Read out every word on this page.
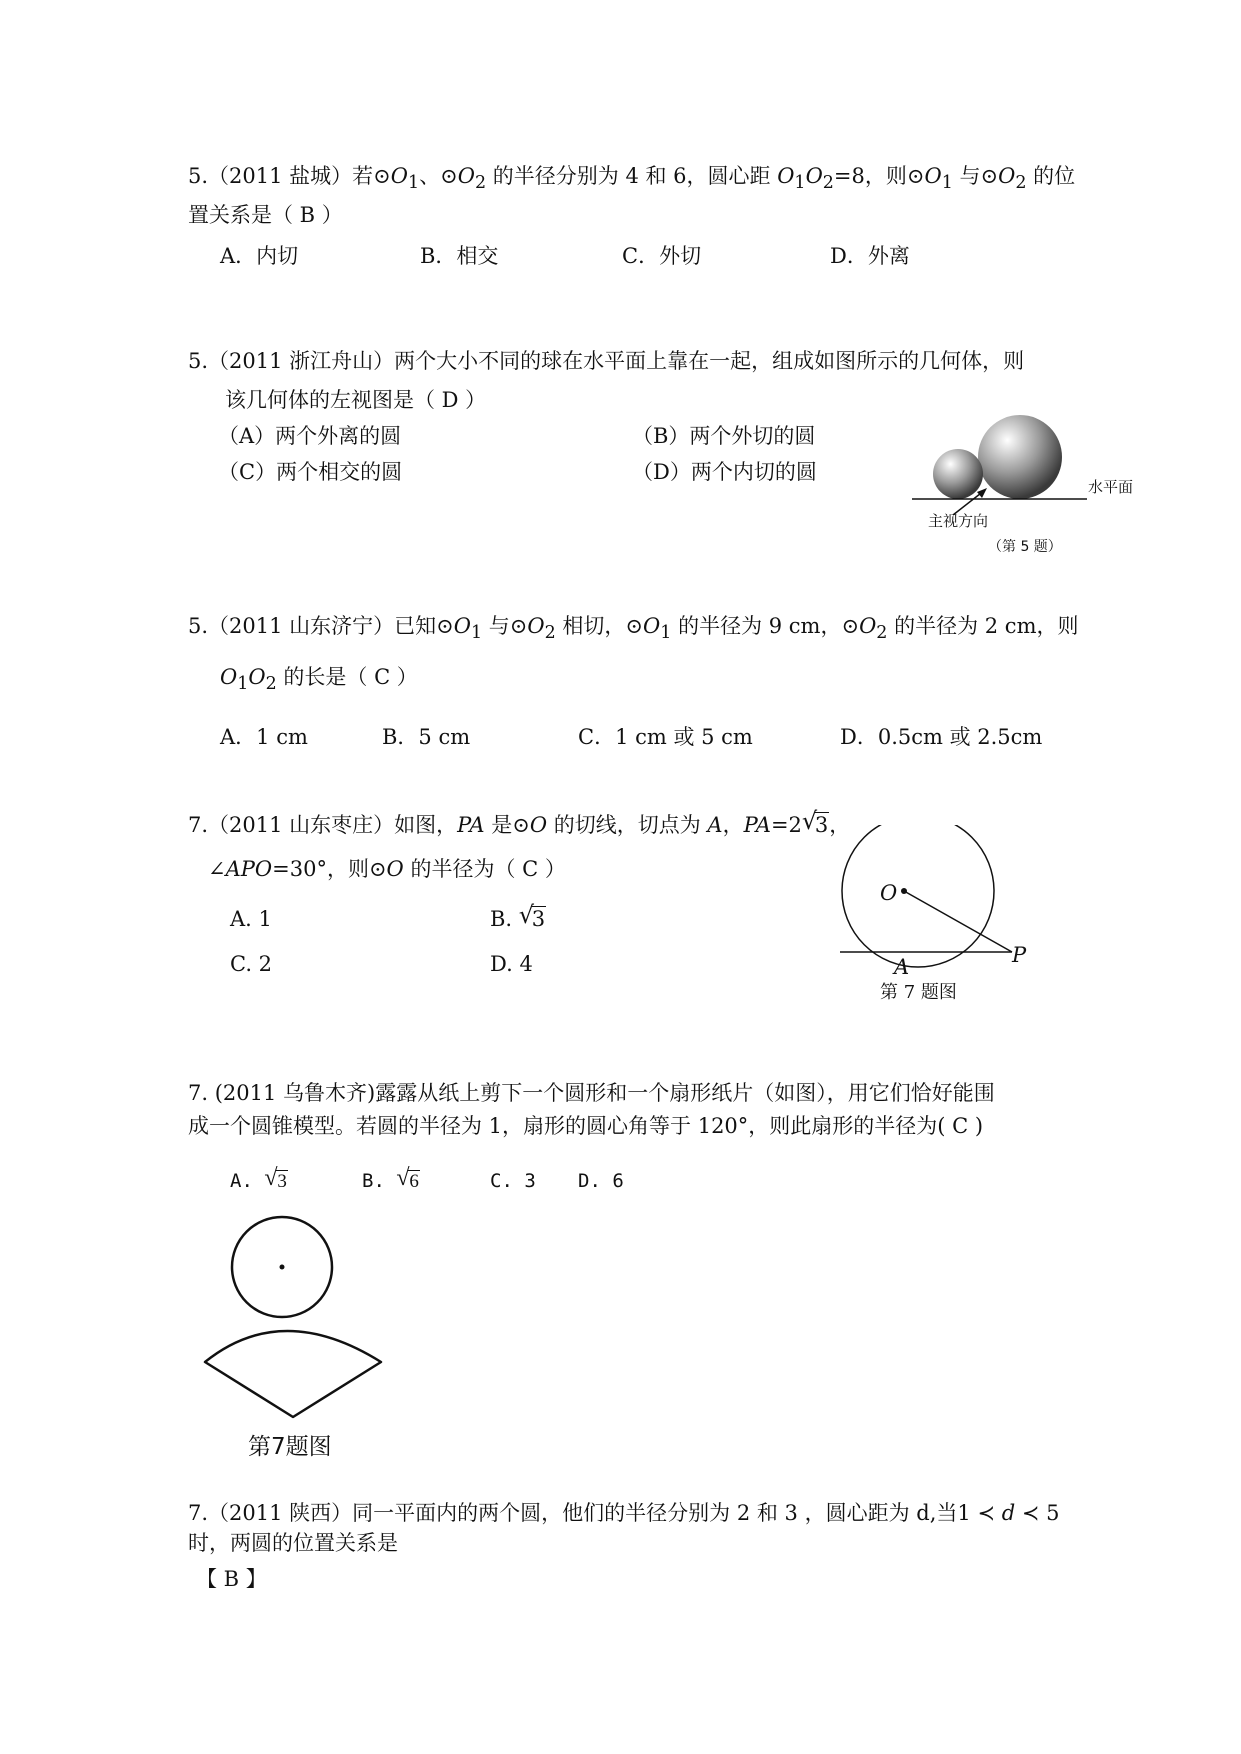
5.（2011 盐城）若$⊙O_1$、$⊙O_2$ 的半径分别为 4 和 6，圆心距 $O_1O_2=8$，则$⊙O_1$ 与$⊙O_2$ 的位
置关系是（ B ）
A．内切	B．相交	C．外切	D．外离
5.（2011 浙江舟山）两个大小不同的球在水平面上靠在一起，组成如图所示的几何体，则
该几何体的左视图是（ D ）
（A）两个外离的圆	（B）两个外切的圆
（C）两个相交的圆	（D）两个内切的圆
水平面
主视方向
（第 5 题）
5.（2011 山东济宁）已知$⊙O_1$ 与$⊙O_2$ 相切，$⊙O_1$ 的半径为 9 cm，$⊙O_2$ 的半径为 2 cm，则
$O_1O_2$ 的长是（ C ）
A．1 cm	B．5 cm	C．1 cm 或 5 cm	D．0.5cm 或 2.5cm
7.（2011 山东枣庄）如图，PA 是⊙O 的切线，切点为 A，PA=2 √
3，
∠APO=30°，则⊙O 的半径为（ C ）
A. 1	B. √
3
C. 2	D. 4
O
A	P
第 7 题图
7. (2011 乌鲁木齐)露露从纸上剪下一个圆形和一个扇形纸片（如图），用它们恰好能围
成一个圆锥模型。若圆的半径为 1，扇形的圆心角等于 120°，则此扇形的半径为( C )
A. √ 3	B. √ 6	C. 3 D. 6
第7题图
7.（2011 陕西）同一平面内的两个圆，他们的半径分别为 2 和 3 ，圆心距为 d,当1 ≺ d ≺ 5
时，两圆的位置关系是
【 B 】
